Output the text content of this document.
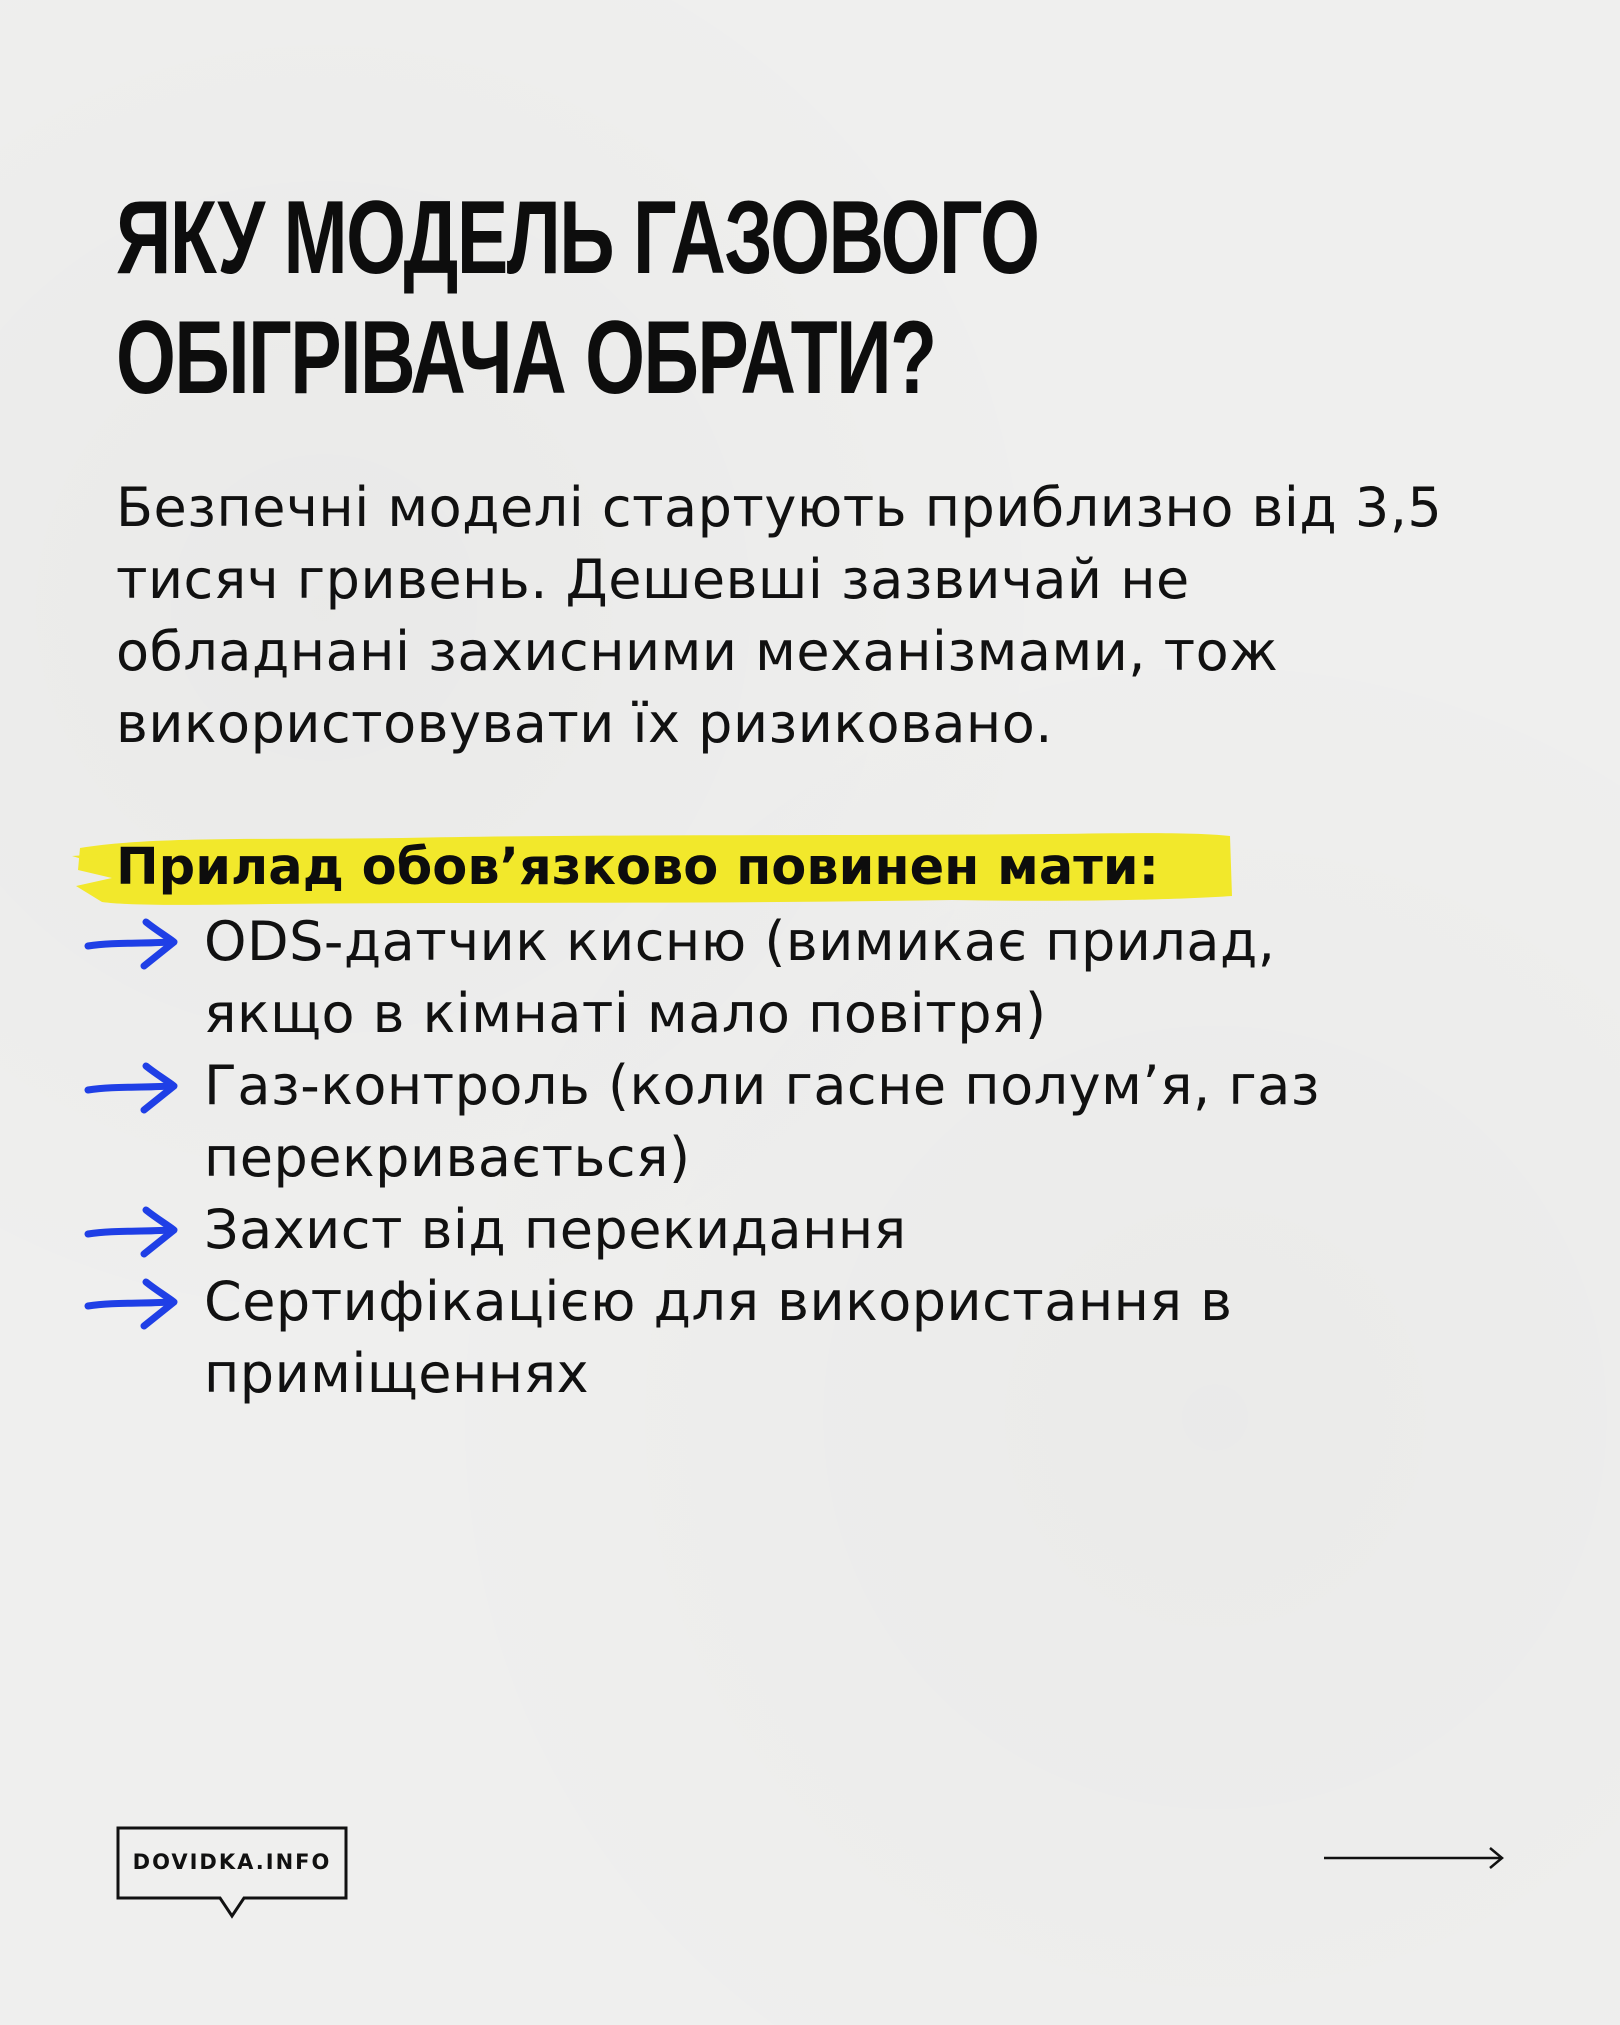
ЯКУ МОДЕЛЬ ГАЗОВОГО
ОБІГРІВАЧА ОБРАТИ?

Безпечні моделі стартують приблизно від 3,5 тисяч гривень. Дешевші зазвичай не обладнані захисними механізмами, тож використовувати їх ризиковано.

Прилад обов’язково повинен мати:
ODS-датчик кисню (вимикає прилад, якщо в кімнаті мало повітря)
Газ-контроль (коли гасне полум’я, газ перекривається)
Захист від перекидання
Сертифікацією для використання в приміщеннях
DOVIDKA.INFO
